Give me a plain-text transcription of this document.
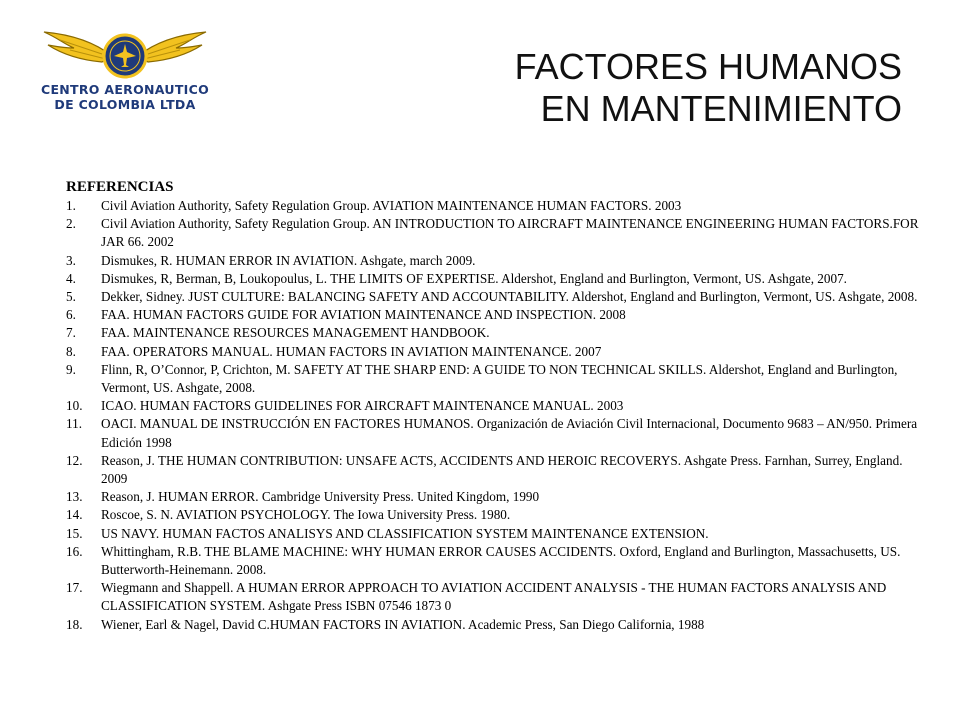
CENTRO AERONAUTICO
DE COLOMBIA LTDA
FACTORES HUMANOS
EN MANTENIMIENTO
REFERENCIAS
1. Civil Aviation Authority, Safety Regulation Group. AVIATION MAINTENANCE HUMAN FACTORS. 2003
2. Civil Aviation Authority, Safety Regulation Group. AN INTRODUCTION TO AIRCRAFT MAINTENANCE ENGINEERING HUMAN FACTORS.FOR JAR 66. 2002
3. Dismukes, R. HUMAN ERROR IN AVIATION. Ashgate, march 2009.
4. Dismukes, R, Berman, B, Loukopoulus, L. THE LIMITS OF EXPERTISE. Aldershot, England and Burlington, Vermont, US. Ashgate, 2007.
5. Dekker, Sidney. JUST CULTURE: BALANCING SAFETY AND ACCOUNTABILITY. Aldershot, England and Burlington, Vermont, US. Ashgate, 2008.
6. FAA. HUMAN FACTORS GUIDE FOR AVIATION MAINTENANCE AND INSPECTION. 2008
7. FAA. MAINTENANCE RESOURCES MANAGEMENT HANDBOOK.
8. FAA. OPERATORS MANUAL. HUMAN FACTORS IN AVIATION MAINTENANCE. 2007
9. Flinn, R, O’Connor, P, Crichton, M. SAFETY AT THE SHARP END: A GUIDE TO NON TECHNICAL SKILLS. Aldershot, England and Burlington, Vermont, US. Ashgate, 2008.
10. ICAO. HUMAN FACTORS GUIDELINES FOR AIRCRAFT MAINTENANCE MANUAL. 2003
11. OACI. MANUAL DE INSTRUCCIÓN EN FACTORES HUMANOS. Organización de Aviación Civil Internacional, Documento 9683 – AN/950. Primera Edición 1998
12. Reason, J. THE HUMAN CONTRIBUTION: UNSAFE ACTS, ACCIDENTS AND HEROIC RECOVERYS. Ashgate Press. Farnhan, Surrey, England. 2009
13. Reason, J. HUMAN ERROR. Cambridge University Press. United Kingdom, 1990
14. Roscoe, S. N. AVIATION PSYCHOLOGY. The Iowa University Press. 1980.
15. US NAVY. HUMAN FACTOS ANALISYS AND CLASSIFICATION SYSTEM MAINTENANCE EXTENSION.
16. Whittingham, R.B. THE BLAME MACHINE: WHY HUMAN ERROR CAUSES ACCIDENTS. Oxford, England and Burlington, Massachusetts, US. Butterworth-Heinemann. 2008.
17. Wiegmann and Shappell. A HUMAN ERROR APPROACH TO AVIATION ACCIDENT ANALYSIS - THE HUMAN FACTORS ANALYSIS AND CLASSIFICATION SYSTEM. Ashgate Press ISBN 07546 1873 0
18. Wiener, Earl & Nagel, David C.HUMAN FACTORS IN AVIATION. Academic Press, San Diego California, 1988
